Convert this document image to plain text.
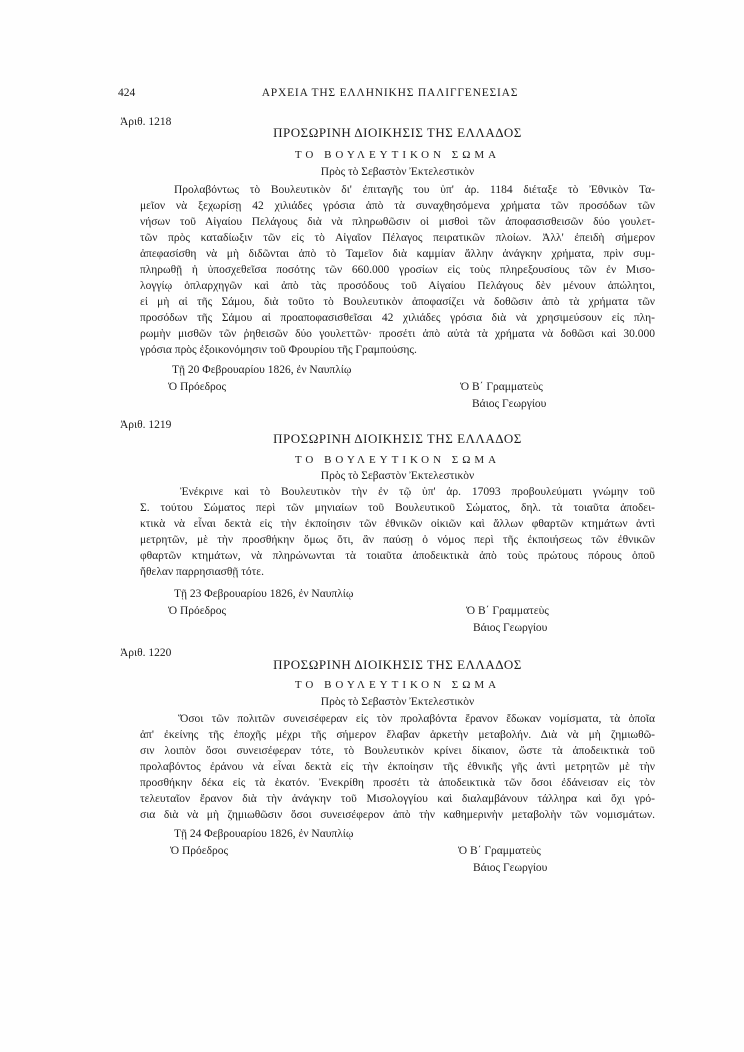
424	ΑΡΧΕΙΑ ΤΗΣ ΕΛΛΗΝΙΚΗΣ ΠΑΛΙΓΓΕΝΕΣΙΑΣ
Ἀριθ. 1218
ΠΡΟΣΩΡΙΝΗ ΔΙΟΙΚΗΣΙΣ ΤΗΣ ΕΛΛΑΔΟΣ
ΤΟ ΒΟΥΛΕΥΤΙΚΟΝ ΣΩΜΑ
Πρὸς τὸ Σεβαστὸν Ἐκτελεστικὸν
Προλαβόντως τὸ Βουλευτικὸν δι' ἐπιταγῆς του ὑπ' ἀρ. 1184 διέταξε τὸ Ἐθνικὸν Τα-
μεῖον νὰ ξεχωρίσῃ 42 χιλιάδες γρόσια ἀπὸ τὰ συναχθησόμενα χρήματα τῶν προσόδων τῶν
νήσων τοῦ Αἰγαίου Πελάγους διὰ νὰ πληρωθῶσιν οἱ μισθοὶ τῶν ἀποφασισθεισῶν δύο γουλετ-
τῶν πρὸς καταδίωξιν τῶν εἰς τὸ Αἰγαῖον Πέλαγος πειρατικῶν πλοίων. Ἀλλ' ἐπειδὴ σήμερον
ἀπεφασίσθη νὰ μὴ διδῶνται ἀπὸ τὸ Ταμεῖον διὰ καμμίαν ἄλλην ἀνάγκην χρήματα, πρὶν συμ-
πληρωθῇ ἡ ὑποσχεθεῖσα ποσότης τῶν 660.000 γροσίων εἰς τοὺς πληρεξουσίους τῶν ἐν Μισο-
λογγίῳ ὁπλαρχηγῶν καὶ ἀπὸ τὰς προσόδους τοῦ Αἰγαίου Πελάγους δὲν μένουν ἀπώλητοι,
εἰ μὴ αἱ τῆς Σάμου, διὰ τοῦτο τὸ Βουλευτικὸν ἀποφασίζει νὰ δοθῶσιν ἀπὸ τὰ χρήματα τῶν
προσόδων τῆς Σάμου αἱ προαποφασισθεῖσαι 42 χιλιάδες γρόσια διὰ νὰ χρησιμεύσουν εἰς πλη-
ρωμὴν μισθῶν τῶν ῥηθεισῶν δύο γουλεττῶν· προσέτι ἀπὸ αὐτὰ τὰ χρήματα νὰ δοθῶσι καὶ 30.000
γρόσια πρὸς ἐξοικονόμησιν τοῦ Φρουρίου τῆς Γραμπούσης.
Τῇ 20 Φεβρουαρίου 1826, ἐν Ναυπλίῳ
Ὁ Πρόεδρος	Ὁ Β΄ Γραμματεὺς
Βάιος Γεωργίου
Ἀριθ. 1219
ΠΡΟΣΩΡΙΝΗ ΔΙΟΙΚΗΣΙΣ ΤΗΣ ΕΛΛΑΔΟΣ
ΤΟ ΒΟΥΛΕΥΤΙΚΟΝ ΣΩΜΑ
Πρὸς τὸ Σεβαστὸν Ἐκτελεστικὸν
Ἐνέκρινε καὶ τὸ Βουλευτικὸν τὴν ἐν τῷ ὑπ' ἀρ. 17093 προβουλεύματι γνώμην τοῦ
Σ. τούτου Σώματος περὶ τῶν μηνιαίων τοῦ Βουλευτικοῦ Σώματος, δηλ. τὰ τοιαῦτα ἀποδει-
κτικὰ νὰ εἶναι δεκτὰ εἰς τὴν ἐκποίησιν τῶν ἐθνικῶν οἰκιῶν καὶ ἄλλων φθαρτῶν κτημάτων ἀντὶ
μετρητῶν, μὲ τὴν προσθήκην ὅμως ὅτι, ἂν παύσῃ ὁ νόμος περὶ τῆς ἐκποιήσεως τῶν ἐθνικῶν
φθαρτῶν κτημάτων, νὰ πληρώνωνται τὰ τοιαῦτα ἀποδεικτικὰ ἀπὸ τοὺς πρώτους πόρους ὁποῦ
ἤθελαν παρρησιασθῇ τότε.
Τῇ 23 Φεβρουαρίου 1826, ἐν Ναυπλίῳ
Ὁ Πρόεδρος	Ὁ Β΄ Γραμματεὺς
Βάιος Γεωργίου
Ἀριθ. 1220
ΠΡΟΣΩΡΙΝΗ ΔΙΟΙΚΗΣΙΣ ΤΗΣ ΕΛΛΑΔΟΣ
ΤΟ ΒΟΥΛΕΥΤΙΚΟΝ ΣΩΜΑ
Πρὸς τὸ Σεβαστὸν Ἐκτελεστικὸν
Ὅσοι τῶν πολιτῶν συνεισέφεραν εἰς τὸν προλαβόντα ἔρανον ἔδωκαν νομίσματα, τὰ ὁποῖα
ἀπ' ἐκείνης τῆς ἐποχῆς μέχρι τῆς σήμερον ἔλαβαν ἀρκετὴν μεταβολήν. Διὰ νὰ μὴ ζημιωθῶ-
σιν λοιπὸν ὅσοι συνεισέφεραν τότε, τὸ Βουλευτικὸν κρίνει δίκαιον, ὥστε τὰ ἀποδεικτικὰ τοῦ
προλαβόντος ἐράνου νὰ εἶναι δεκτὰ εἰς τὴν ἐκποίησιν τῆς ἐθνικῆς γῆς ἀντὶ μετρητῶν μὲ τὴν
προσθήκην δέκα εἰς τὰ ἑκατόν. Ἐνεκρίθη προσέτι τὰ ἀποδεικτικὰ τῶν ὅσοι ἐδάνεισαν εἰς τὸν
τελευταῖον ἔρανον διὰ τὴν ἀνάγκην τοῦ Μισολογγίου καὶ διαλαμβάνουν τάλληρα καὶ ὄχι γρό-
σια διὰ νὰ μὴ ζημιωθῶσιν ὅσοι συνεισέφερον ἀπὸ τὴν καθημερινὴν μεταβολὴν τῶν νομισμάτων.
Τῇ 24 Φεβρουαρίου 1826, ἐν Ναυπλίῳ
Ὁ Πρόεδρος	Ὁ Β΄ Γραμματεὺς
Βάιος Γεωργίου
